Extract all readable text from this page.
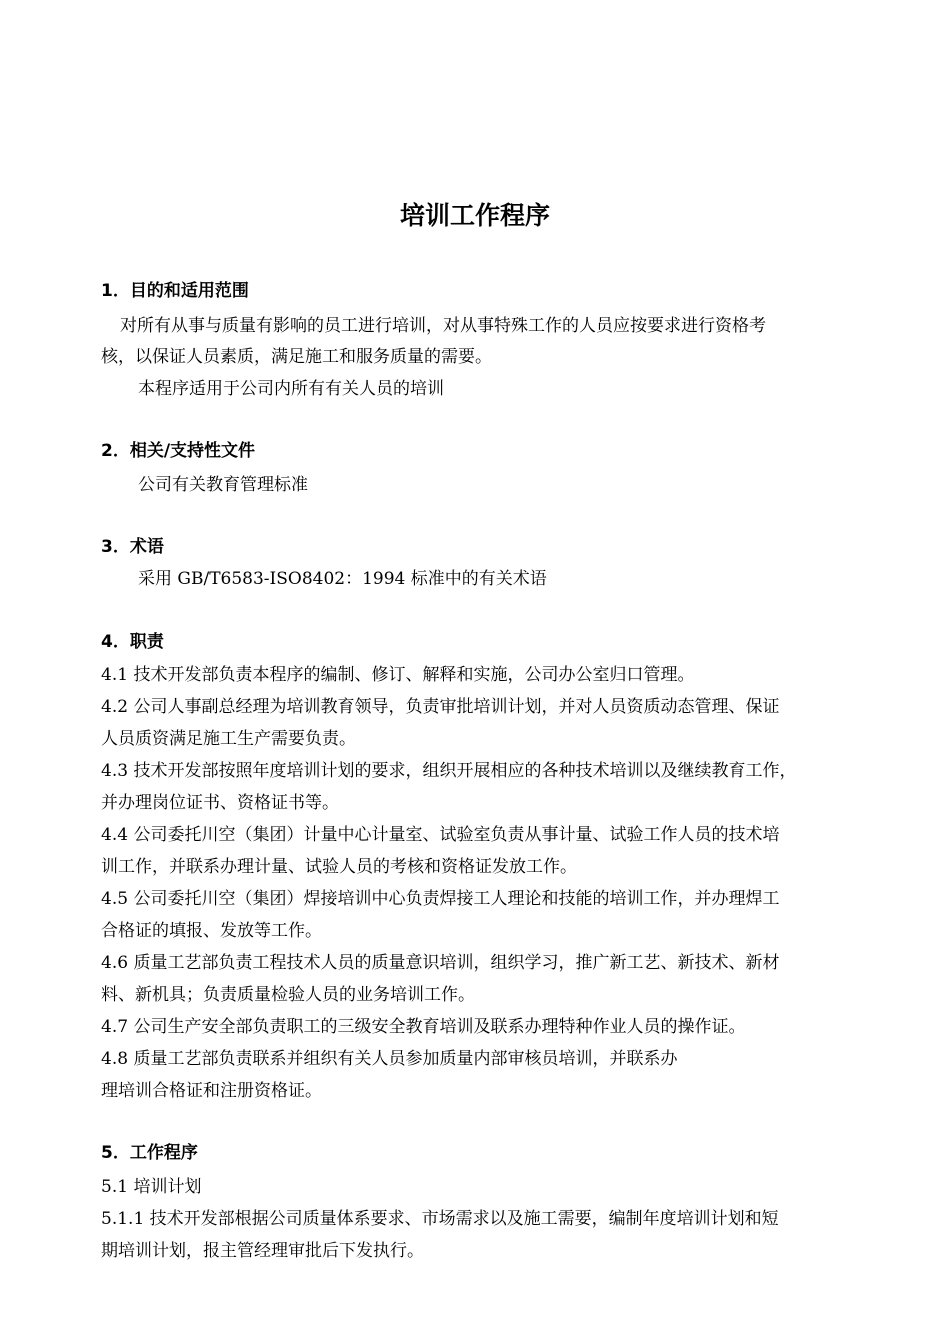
培训工作程序
1．目的和适用范围
对所有从事与质量有影响的员工进行培训，对从事特殊工作的人员应按要求进行资格考
核，以保证人员素质，满足施工和服务质量的需要。
本程序适用于公司内所有有关人员的培训
2．相关/支持性文件
公司有关教育管理标准
3．术语
采用 GB/T6583-ISO8402：1994 标准中的有关术语
4．职责
4.1 技术开发部负责本程序的编制、修订、解释和实施，公司办公室归口管理。
4.2 公司人事副总经理为培训教育领导，负责审批培训计划，并对人员资质动态管理、保证
人员质资满足施工生产需要负责。
4.3 技术开发部按照年度培训计划的要求，组织开展相应的各种技术培训以及继续教育工作，
并办理岗位证书、资格证书等。
4.4 公司委托川空（集团）计量中心计量室、试验室负责从事计量、试验工作人员的技术培
训工作，并联系办理计量、试验人员的考核和资格证发放工作。
4.5 公司委托川空（集团）焊接培训中心负责焊接工人理论和技能的培训工作，并办理焊工
合格证的填报、发放等工作。
4.6 质量工艺部负责工程技术人员的质量意识培训，组织学习，推广新工艺、新技术、新材
料、新机具；负责质量检验人员的业务培训工作。
4.7 公司生产安全部负责职工的三级安全教育培训及联系办理特种作业人员的操作证。
4.8 质量工艺部负责联系并组织有关人员参加质量内部审核员培训，并联系办
理培训合格证和注册资格证。
5．工作程序
5.1 培训计划
5.1.1 技术开发部根据公司质量体系要求、市场需求以及施工需要，编制年度培训计划和短
期培训计划，报主管经理审批后下发执行。
